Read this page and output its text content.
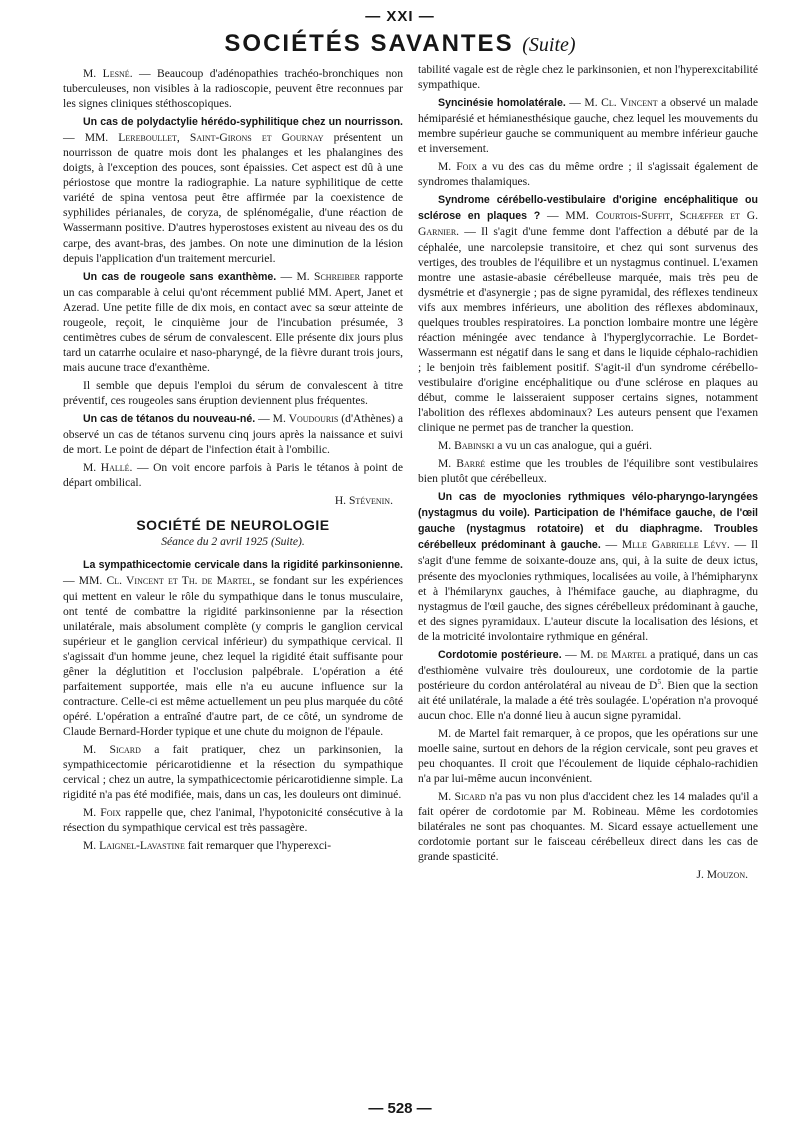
— XXI —
SOCIÉTÉS SAVANTES (Suite)

M. Lesné. — Beaucoup d'adénopathies trachéo-bronchiques non tuberculeuses, non visibles à la radioscopie, peuvent être reconnues par les signes cliniques stéthoscopiques.

Un cas de polydactylie hérédo-syphilitique chez un nourrisson. — MM. Lereboullet, Saint-Girons et Gournay présentent un nourrisson de quatre mois dont les phalanges et les phalangines des doigts, à l'exception des pouces, sont épaissies. Cet aspect est dû à une périostose que montre la radiographie. La nature syphilitique de cette variété de spina ventosa peut être affirmée par la coexistence de syphilides périanales, de coryza, de splénomégalie, d'une réaction de Wassermann positive. D'autres hyperostoses existent au niveau des os du carpe, des avant-bras, des jambes. On note une diminution de la lésion depuis l'application d'un traitement mercuriel.

Un cas de rougeole sans exanthème. — M. Schreiber rapporte un cas comparable à celui qu'ont récemment publié MM. Apert, Janet et Azerad. Une petite fille de dix mois, en contact avec sa sœur atteinte de rougeole, reçoit, le cinquième jour de l'incubation présumée, 3 centimètres cubes de sérum de convalescent. Elle présente dix jours plus tard un catarrhe oculaire et naso-pharyngé, de la fièvre durant trois jours, mais aucune trace d'exanthème.

Il semble que depuis l'emploi du sérum de convalescent à titre préventif, ces rougeoles sans éruption deviennent plus fréquentes.

Un cas de tétanos du nouveau-né. — M. Voudouris (d'Athènes) a observé un cas de tétanos survenu cinq jours après la naissance et suivi de mort. Le point de départ de l'infection était à l'ombilic.

M. Hallé. — On voit encore parfois à Paris le tétanos à point de départ ombilical.

H. Stévenin.
SOCIÉTÉ DE NEUROLOGIE
Séance du 2 avril 1925 (Suite).

La sympathicectomie cervicale dans la rigidité parkinsonienne. — MM. Cl. Vincent et Th. de Martel, se fondant sur les expériences qui mettent en valeur le rôle du sympathique dans le tonus musculaire, ont tenté de combattre la rigidité parkinsonienne par la résection unilatérale, mais absolument complète (y compris le ganglion cervical supérieur et le ganglion cervical inférieur) du sympathique cervical. Il s'agissait d'un homme jeune, chez lequel la rigidité était suffisante pour gêner la déglutition et l'occlusion palpébrale. L'opération a été parfaitement supportée, mais elle n'a eu aucune influence sur la contracture. Celle-ci est même actuellement un peu plus marquée du côté opéré. L'opération a entraîné d'autre part, de ce côté, un syndrome de Claude Bernard-Horder typique et une chute du moignon de l'épaule.

M. Sicard a fait pratiquer, chez un parkinsonien, la sympathicectomie péricarotidienne et la résection du sympathique cervical ; chez un autre, la sympathicectomie péricarotidienne simple. La rigidité n'a pas été modifiée, mais, dans un cas, les douleurs ont diminué.

M. Foix rappelle que, chez l'animal, l'hypotonicité consécutive à la résection du sympathique cervical est très passagère.

M. Laignel-Lavastine fait remarquer que l'hyperexci-

tabilité vagale est de règle chez le parkinsonien, et non l'hyperexcitabilité sympathique.

Syncinésie homolatérale. — M. Cl. Vincent a observé un malade hémiparésié et hémianesthésique gauche, chez lequel les mouvements du membre supérieur gauche se communiquent au membre inférieur gauche et inversement.

M. Foix a vu des cas du même ordre ; il s'agissait également de syndromes thalamiques.

Syndrome cérébello-vestibulaire d'origine encéphalitique ou sclérose en plaques ? — MM. Courtois-Suffit, Schæffer et G. Garnier. — Il s'agit d'une femme dont l'affection a débuté par de la céphalée, une narcolepsie transitoire, et chez qui sont survenus des vertiges, des troubles de l'équilibre et un nystagmus continuel. L'examen montre une astasie-abasie cérébelleuse marquée, mais très peu de dysmétrie et d'asynergie ; pas de signe pyramidal, des réflexes tendineux vifs aux membres inférieurs, une abolition des réflexes abdominaux, quelques troubles respiratoires. La ponction lombaire montre une légère réaction méningée avec tendance à l'hyperglycorrachie. Le Bordet-Wassermann est négatif dans le sang et dans le liquide céphalo-rachidien ; le benjoin très faiblement positif. S'agit-il d'un syndrome cérébello-vestibulaire d'origine encéphalitique ou d'une sclérose en plaques au début, comme le laisseraient supposer certains signes, notamment l'abolition des réflexes abdominaux? Les auteurs pensent que l'examen clinique ne permet pas de trancher la question.

M. Babinski a vu un cas analogue, qui a guéri.

M. Barré estime que les troubles de l'équilibre sont vestibulaires bien plutôt que cérébelleux.

Un cas de myoclonies rythmiques vélo-pharyngo-laryngées (nystagmus du voile). Participation de l'hémiface gauche, de l'œil gauche (nystagmus rotatoire) et du diaphragme. Troubles cérébelleux prédominant à gauche. — Mlle Gabrielle Lévy. — Il s'agit d'une femme de soixante-douze ans, qui, à la suite de deux ictus, présente des myoclonies rythmiques, localisées au voile, à l'hémipharynx et à l'hémilarynx gauches, à l'hémiface gauche, au diaphragme, du nystagmus de l'œil gauche, des signes cérébelleux prédominant à gauche, et des signes pyramidaux. L'auteur discute la localisation des lésions, et de la motricité involontaire rythmique en général.

Cordotomie postérieure. — M. de Martel a pratiqué, dans un cas d'esthiomène vulvaire très douloureux, une cordotomie de la partie postérieure du cordon antérolatéral au niveau de $D^5$. Bien que la section ait été unilatérale, la malade a été très soulagée. L'opération n'a provoqué aucun choc. Elle n'a donné lieu à aucun signe pyramidal.

M. de Martel fait remarquer, à ce propos, que les opérations sur une moelle saine, surtout en dehors de la région cervicale, sont peu graves et peu choquantes. Il croit que l'écoulement de liquide céphalo-rachidien n'a par lui-même aucun inconvénient.

M. Sicard n'a pas vu non plus d'accident chez les 14 malades qu'il a fait opérer de cordotomie par M. Robineau. Même les cordotomies bilatérales ne sont pas choquantes. M. Sicard essaye actuellement une cordotomie portant sur le faisceau cérébelleux direct dans les cas de grande spasticité.

J. Mouzon.
— 528 —
